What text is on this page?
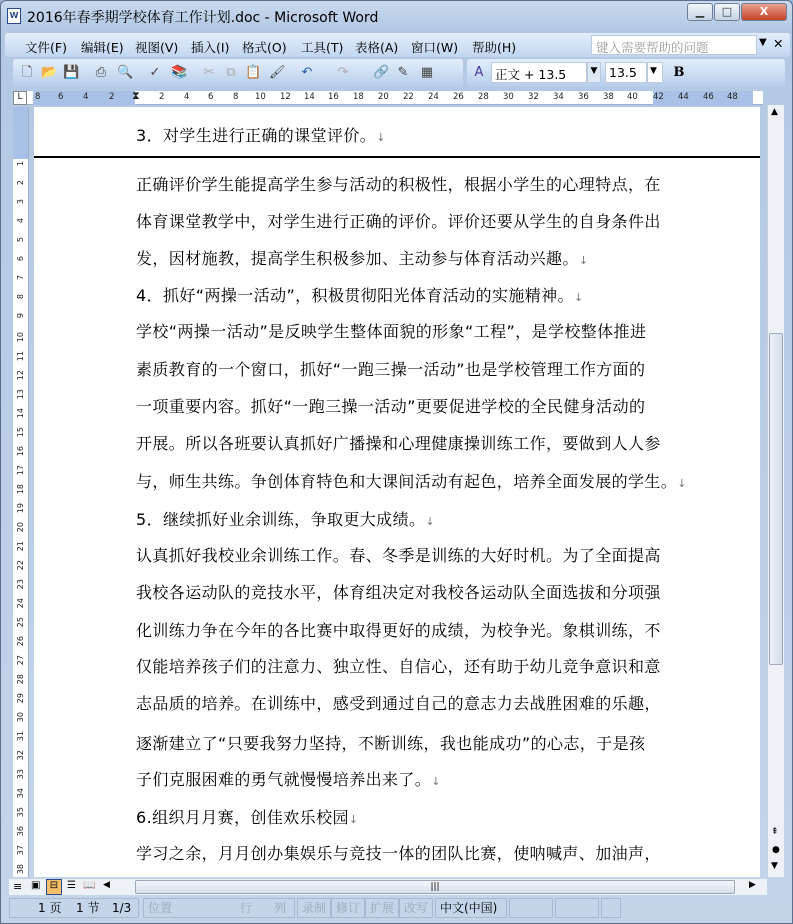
W 2016年春季期学校体育工作计划.doc - Microsoft Word	▁	□	X
文件(F) 编辑(E) 视图(V) 插入(I) 格式(O) 工具(T) 表格(A) 窗口(W) 帮助(H)	键入需要帮助的问题	▼ ✕
🗋 📂 💾 ⎙ 🔍 ✓ 📚 ✂ ⧉ 📋 🖌 ↶ ↷ 🔗 ✎ ▦	A 正文 + 13.5	▼ 13.5	▼	B
L	8 6 4 2 ⧗ 2 4 6 8 10 12 14 16 18 20 22 24 26 28 30 32 34 36 38 40 42 44 46 48
1
2
3
4
5
6
7
8
9
10
11
12
13
14
15
16
17
18
19
20
21
22
23
24
25
26
27
28
29
30
31
32
33
34
35
36
37
38
3．对学生进行正确的课堂评价。↓
正确评价学生能提高学生参与活动的积极性，根据小学生的心理特点，在
体育课堂教学中，对学生进行正确的评价。评价还要从学生的自身条件出
发，因材施教，提高学生积极参加、主动参与体育活动兴趣。↓
4．抓好“两操一活动”，积极贯彻阳光体育活动的实施精神。↓
学校“两操一活动”是反映学生整体面貌的形象“工程”，是学校整体推进
素质教育的一个窗口，抓好“一跑三操一活动”也是学校管理工作方面的
一项重要内容。抓好“一跑三操一活动”更要促进学校的全民健身活动的
开展。所以各班要认真抓好广播操和心理健康操训练工作，要做到人人参
与，师生共练。争创体育特色和大课间活动有起色，培养全面发展的学生。↓
5．继续抓好业余训练，争取更大成绩。↓
认真抓好我校业余训练工作。春、冬季是训练的大好时机。为了全面提高
我校各运动队的竞技水平，体育组决定对我校各运动队全面选拔和分项强
化训练力争在今年的各比赛中取得更好的成绩，为校争光。象棋训练，不
仅能培养孩子们的注意力、独立性、自信心，还有助于幼儿竞争意识和意
志品质的培养。在训练中，感受到通过自己的意志力去战胜困难的乐趣，
逐渐建立了“只要我努力坚持，不断训练，我也能成功”的心志，于是孩
子们克服困难的勇气就慢慢培养出来了。↓
6.组织月月赛，创佳欢乐校园↓
学习之余，月月创办集娱乐与竞技一体的团队比赛，使呐喊声、加油声，
▲
⇞
●
▼
≡ ▣ ⊟ ☰ 📖 ◀	|||	▶
1 页 1 节 1/3	位置	行 列	录制 修订 扩展 改写 中文(中国)
